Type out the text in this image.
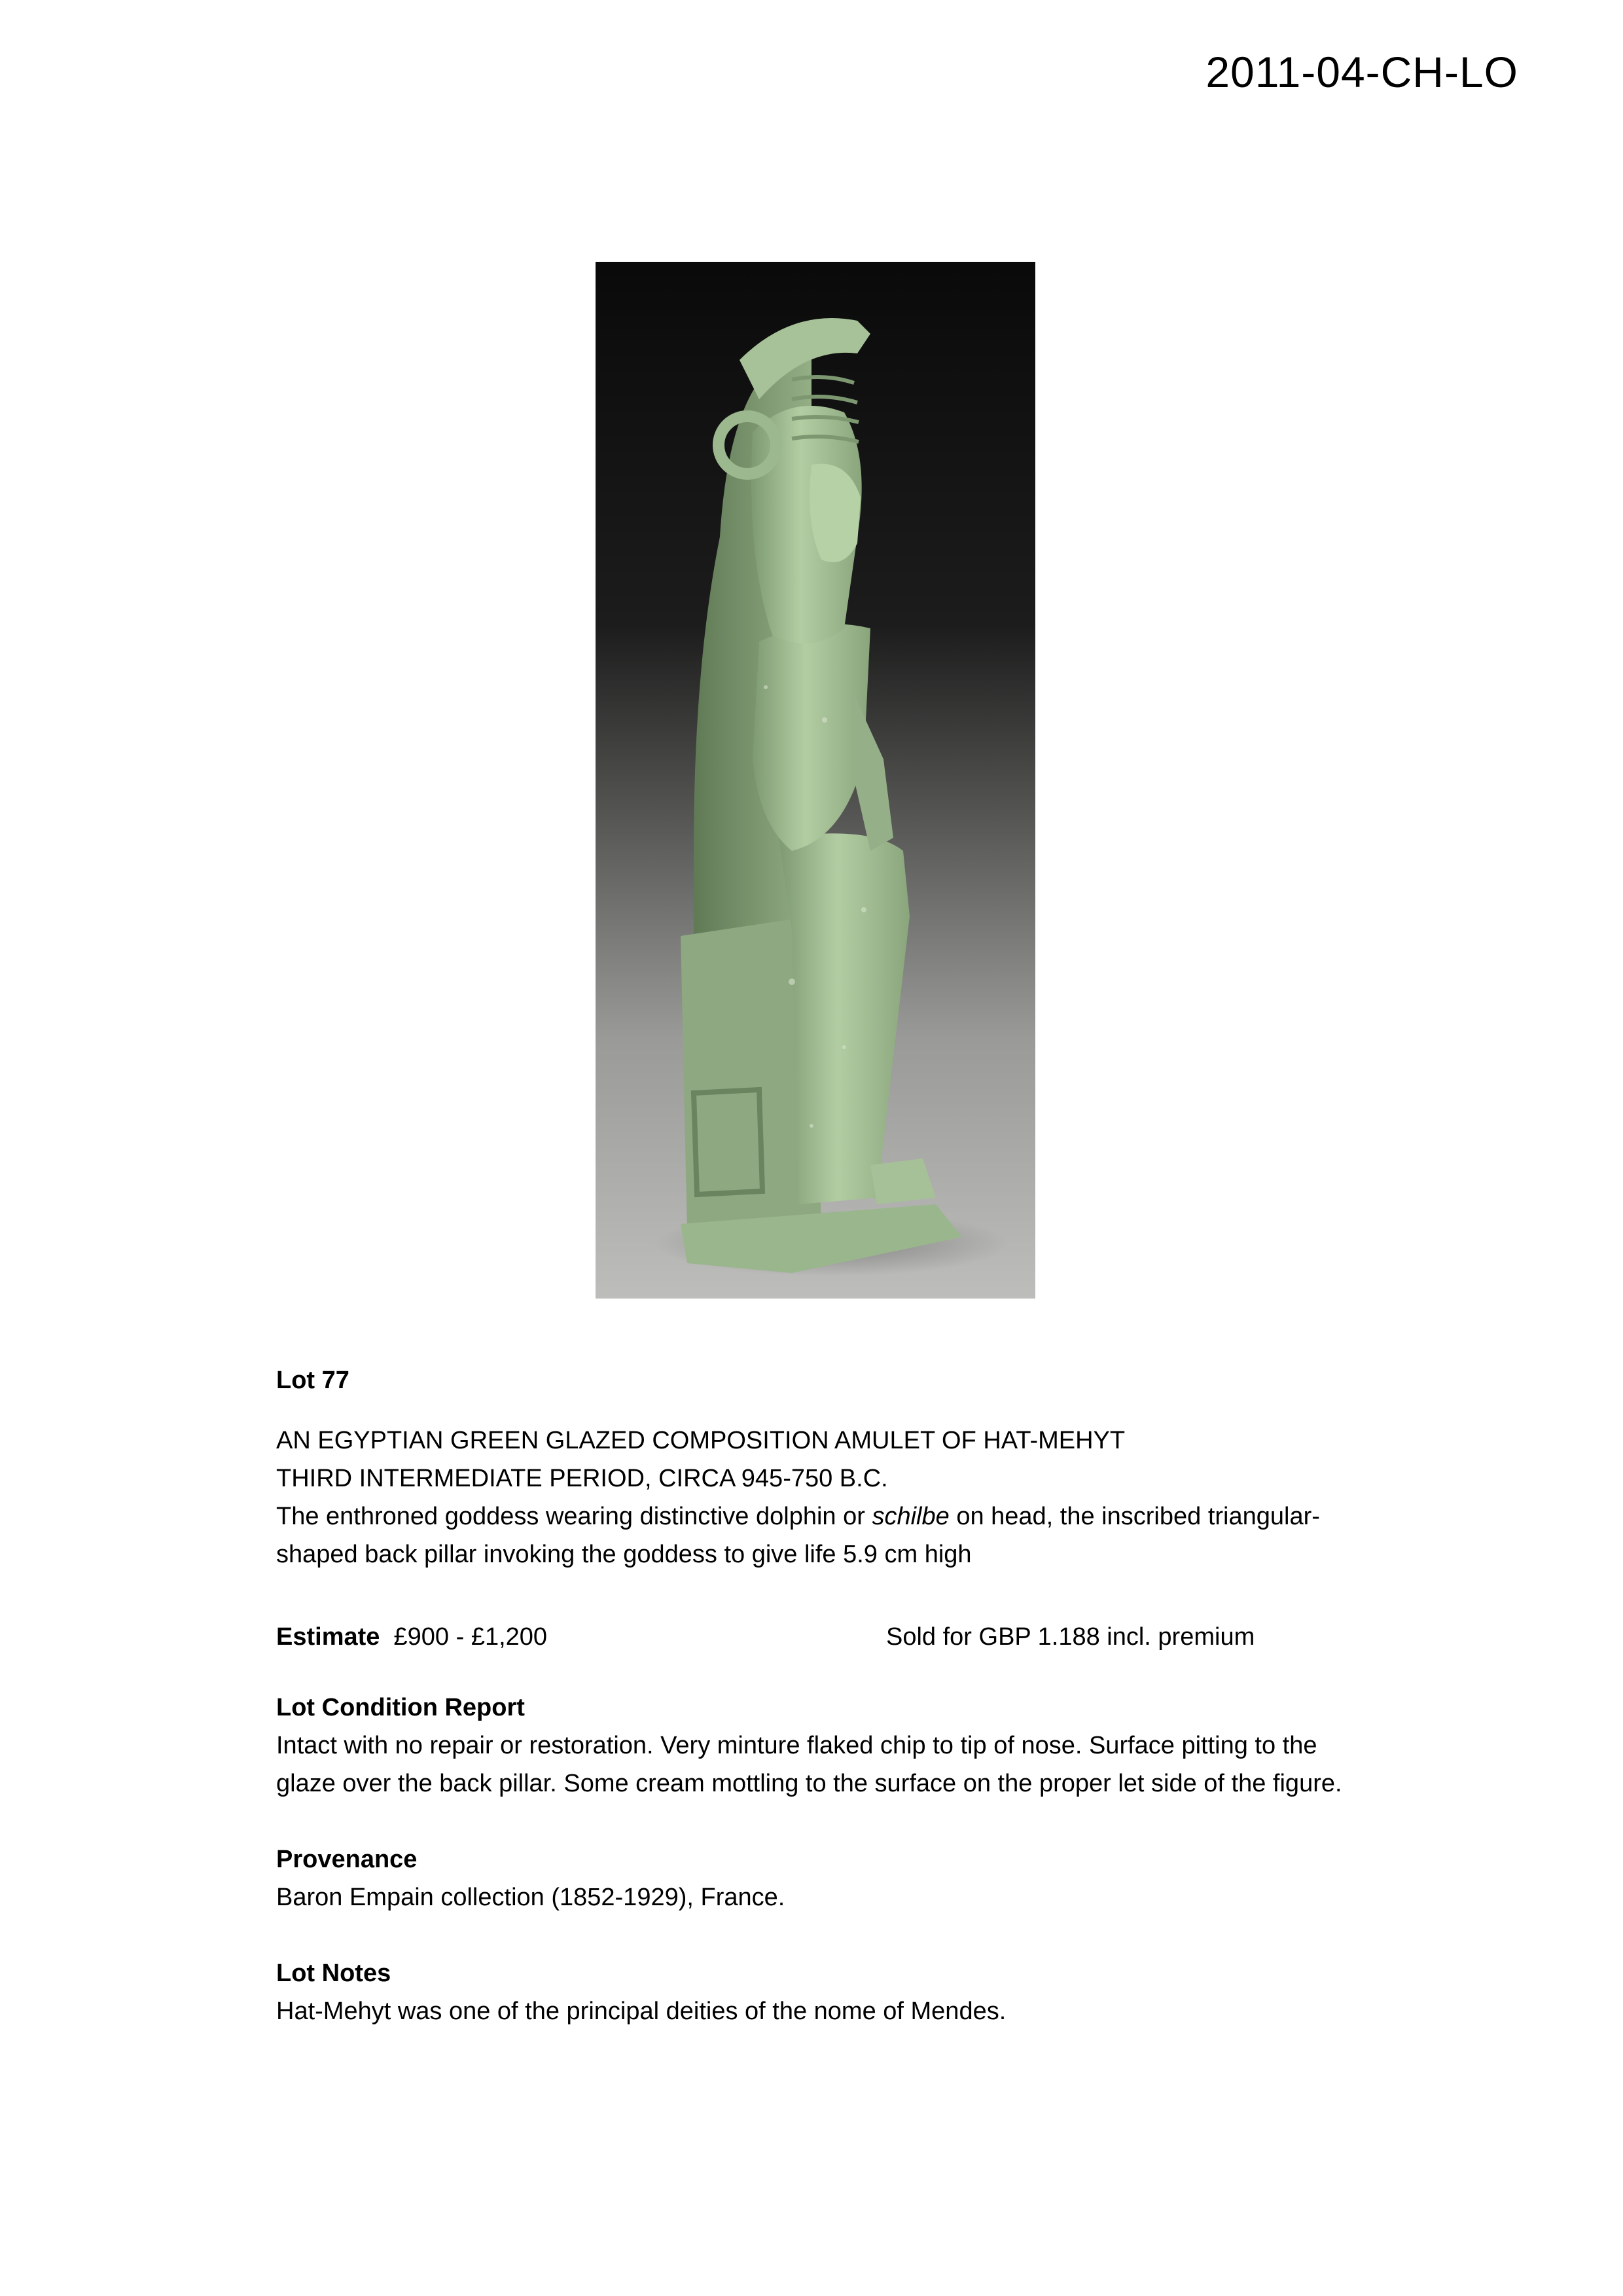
2011-04-CH-LO

Lot 77

AN EGYPTIAN GREEN GLAZED COMPOSITION AMULET OF HAT-MEHYT

THIRD INTERMEDIATE PERIOD, CIRCA 945-750 B.C.

The enthroned goddess wearing distinctive dolphin or schilbe on head, the inscribed triangular-

shaped back pillar invoking the goddess to give life 5.9 cm high

Estimate £900 - £1,200	Sold for GBP 1.188 incl. premium

Lot Condition Report

Intact with no repair or restoration. Very minture flaked chip to tip of nose. Surface pitting to the

glaze over the back pillar. Some cream mottling to the surface on the proper let side of the figure.

Provenance

Baron Empain collection (1852-1929), France.

Lot Notes

Hat-Mehyt was one of the principal deities of the nome of Mendes.
